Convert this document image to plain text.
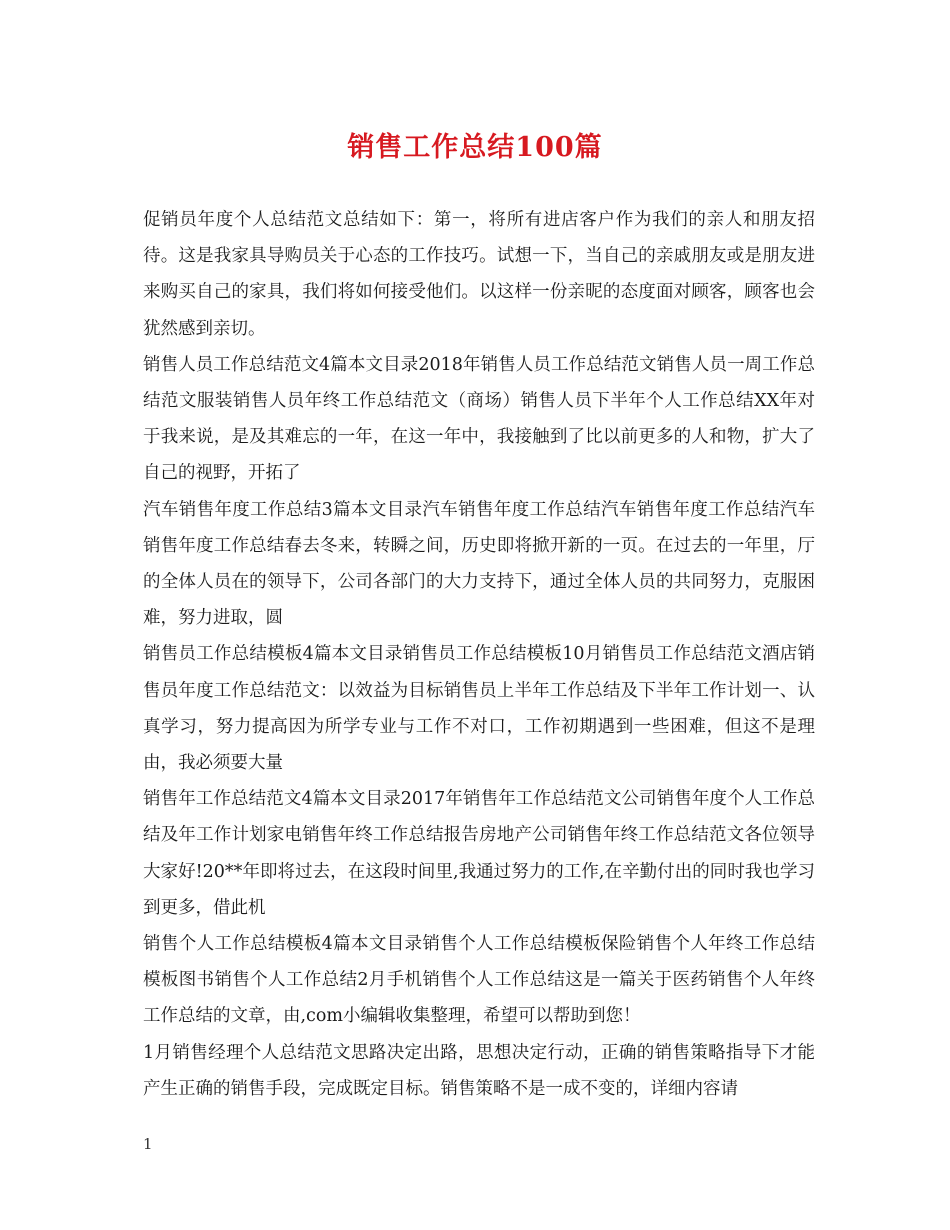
销售工作总结100篇

促销员年度个人总结范文总结如下：第一，将所有进店客户作为我们的亲人和朋友招待。这是我家具导购员关于心态的工作技巧。试想一下，当自己的亲戚朋友或是朋友进来购买自己的家具，我们将如何接受他们。以这样一份亲昵的态度面对顾客，顾客也会犹然感到亲切。

销售人员工作总结范文4篇本文目录2018年销售人员工作总结范文销售人员一周工作总结范文服装销售人员年终工作总结范文（商场）销售人员下半年个人工作总结XX年对于我来说，是及其难忘的一年，在这一年中，我接触到了比以前更多的人和物，扩大了自己的视野，开拓了

汽车销售年度工作总结3篇本文目录汽车销售年度工作总结汽车销售年度工作总结汽车销售年度工作总结春去冬来，转瞬之间，历史即将掀开新的一页。在过去的一年里，厅的全体人员在的领导下，公司各部门的大力支持下，通过全体人员的共同努力，克服困难，努力进取，圆

销售员工作总结模板4篇本文目录销售员工作总结模板10月销售员工作总结范文酒店销售员年度工作总结范文：以效益为目标销售员上半年工作总结及下半年工作计划一、认真学习，努力提高因为所学专业与工作不对口，工作初期遇到一些困难，但这不是理由，我必须要大量

销售年工作总结范文4篇本文目录2017年销售年工作总结范文公司销售年度个人工作总结及年工作计划家电销售年终工作总结报告房地产公司销售年终工作总结范文各位领导大家好!20**年即将过去，在这段时间里,我通过努力的工作,在辛勤付出的同时我也学习到更多，借此机

销售个人工作总结模板4篇本文目录销售个人工作总结模板保险销售个人年终工作总结模板图书销售个人工作总结2月手机销售个人工作总结这是一篇关于医药销售个人年终工作总结的文章，由,com小编辑收集整理，希望可以帮助到您！

1月销售经理个人总结范文思路决定出路，思想决定行动，正确的销售策略指导下才能产生正确的销售手段，完成既定目标。销售策略不是一成不变的，详细内容请

1
